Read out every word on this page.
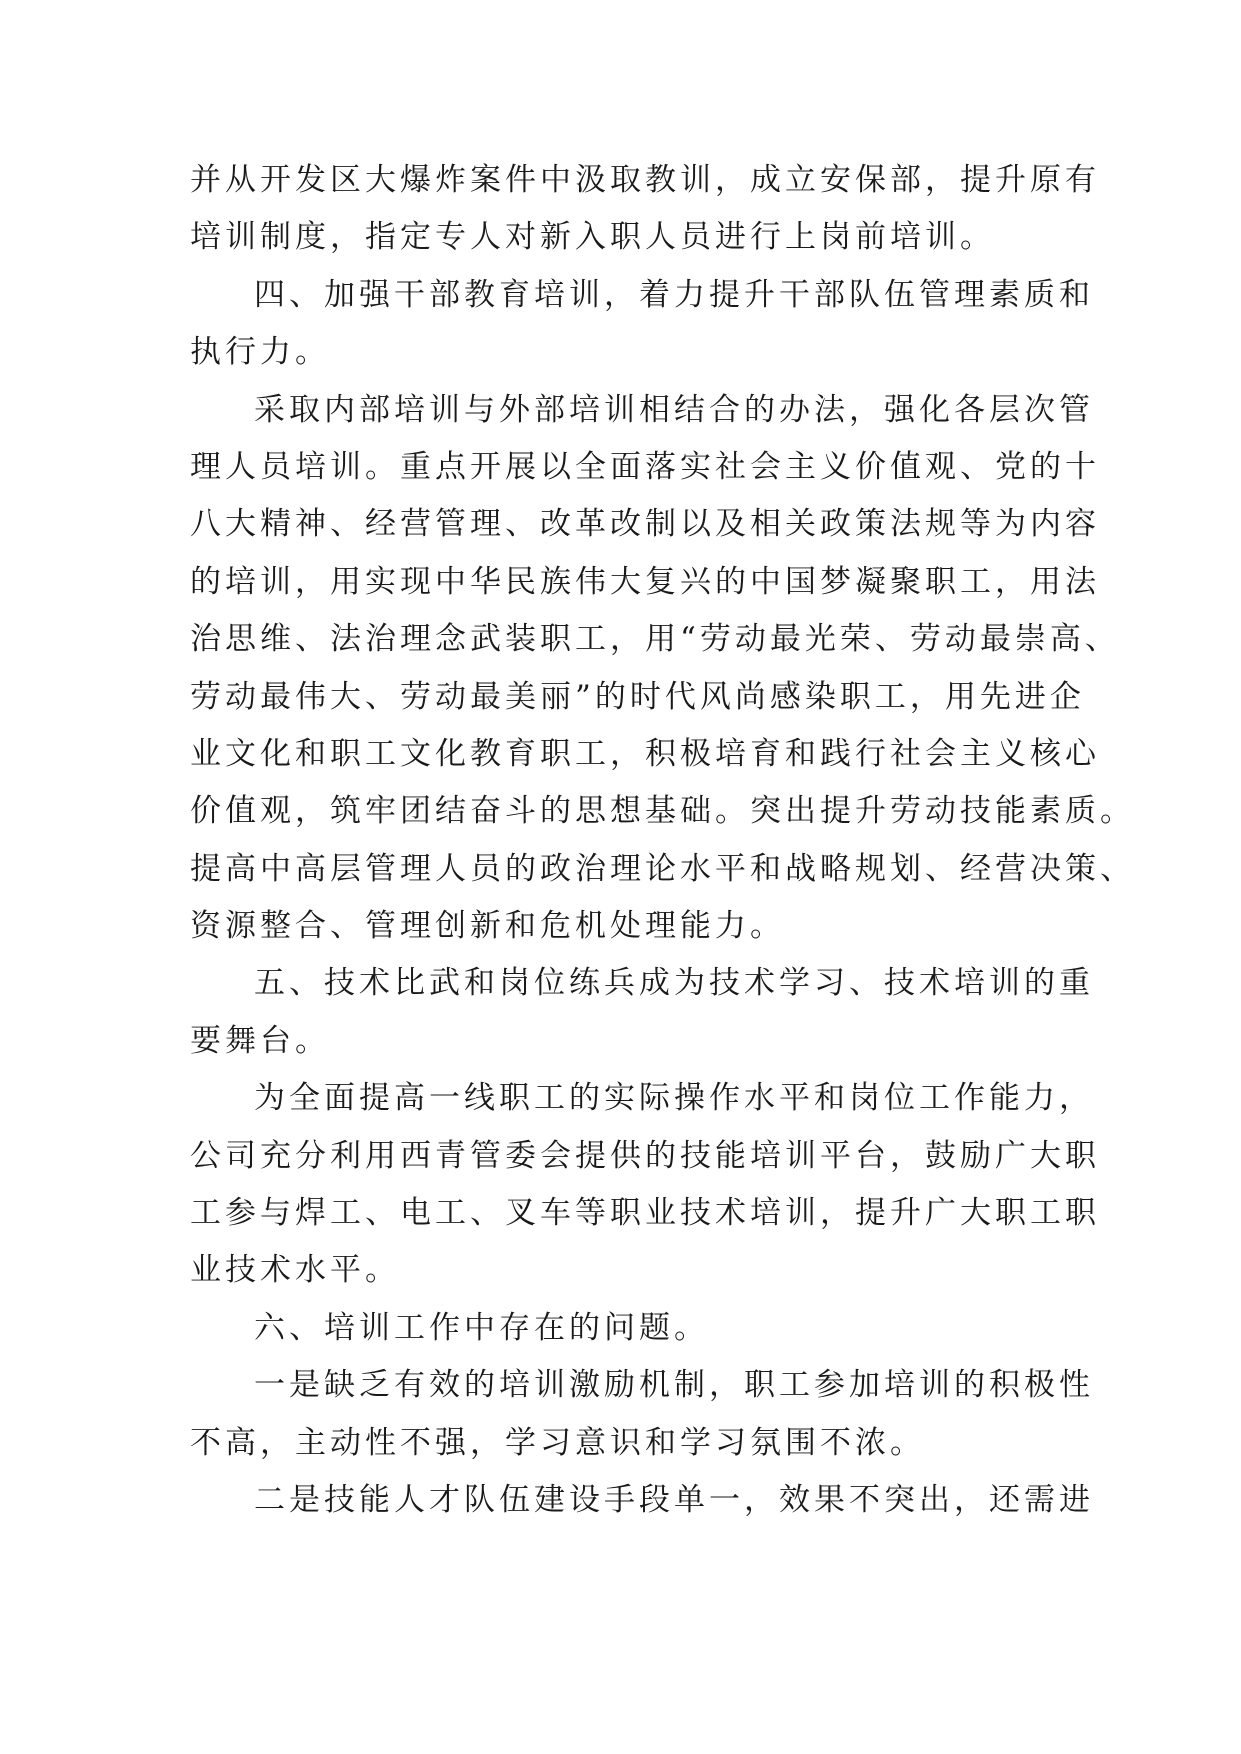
并从开发区大爆炸案件中汲取教训，成立安保部，提升原有
培训制度，指定专人对新入职人员进行上岗前培训。
四、加强干部教育培训，着力提升干部队伍管理素质和
执行力。
采取内部培训与外部培训相结合的办法，强化各层次管
理人员培训。重点开展以全面落实社会主义价值观、党的十
八大精神、经营管理、改革改制以及相关政策法规等为内容
的培训，用实现中华民族伟大复兴的中国梦凝聚职工，用法
治思维、法治理念武装职工，用“劳动最光荣、劳动最崇高、
劳动最伟大、劳动最美丽”的时代风尚感染职工，用先进企
业文化和职工文化教育职工，积极培育和践行社会主义核心
价值观，筑牢团结奋斗的思想基础。突出提升劳动技能素质。
提高中高层管理人员的政治理论水平和战略规划、经营决策、
资源整合、管理创新和危机处理能力。
五、技术比武和岗位练兵成为技术学习、技术培训的重
要舞台。
为全面提高一线职工的实际操作水平和岗位工作能力，
公司充分利用西青管委会提供的技能培训平台，鼓励广大职
工参与焊工、电工、叉车等职业技术培训，提升广大职工职
业技术水平。
六、培训工作中存在的问题。
一是缺乏有效的培训激励机制，职工参加培训的积极性
不高，主动性不强，学习意识和学习氛围不浓。
二是技能人才队伍建设手段单一，效果不突出，还需进
